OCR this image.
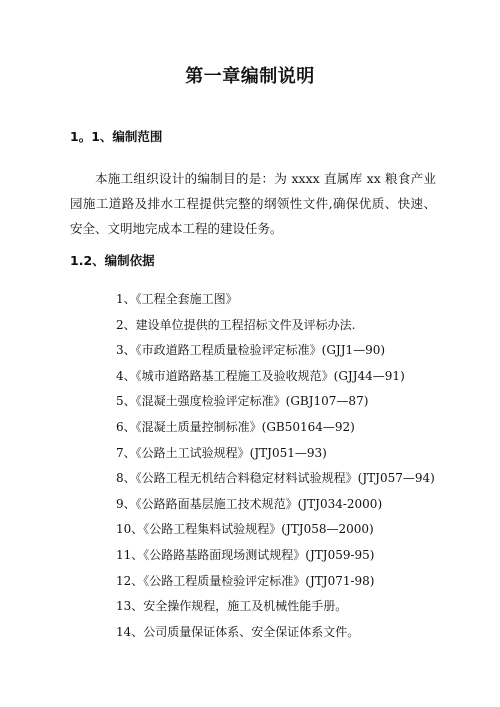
第一章编制说明
1。1、编制范围
本施工组织设计的编制目的是：为 xxxx 直属库 xx 粮食产业园施工道路及排水工程提供完整的纲领性文件,确保优质、快速、安全、文明地完成本工程的建设任务。
1.2、编制依据
1、《工程全套施工图》
2、建设单位提供的工程招标文件及评标办法.
3、《市政道路工程质量检验评定标准》(GJJ1—90)
4、《城市道路路基工程施工及验收规范》(GJJ44—91)
5、《混凝土强度检验评定标准》(GBJ107—87)
6、《混凝土质量控制标准》(GB50164—92)
7、《公路土工试验规程》(JTJ051—93)
8、《公路工程无机结合料稳定材料试验规程》(JTJ057—94)
9、《公路路面基层施工技术规范》(JTJ034-2000)
10、《公路工程集料试验规程》(JTJ058—2000)
11、《公路路基路面现场测试规程》(JTJ059-95)
12、《公路工程质量检验评定标准》(JTJ071-98)
13、安全操作规程，施工及机械性能手册。
14、公司质量保证体系、安全保证体系文件。
